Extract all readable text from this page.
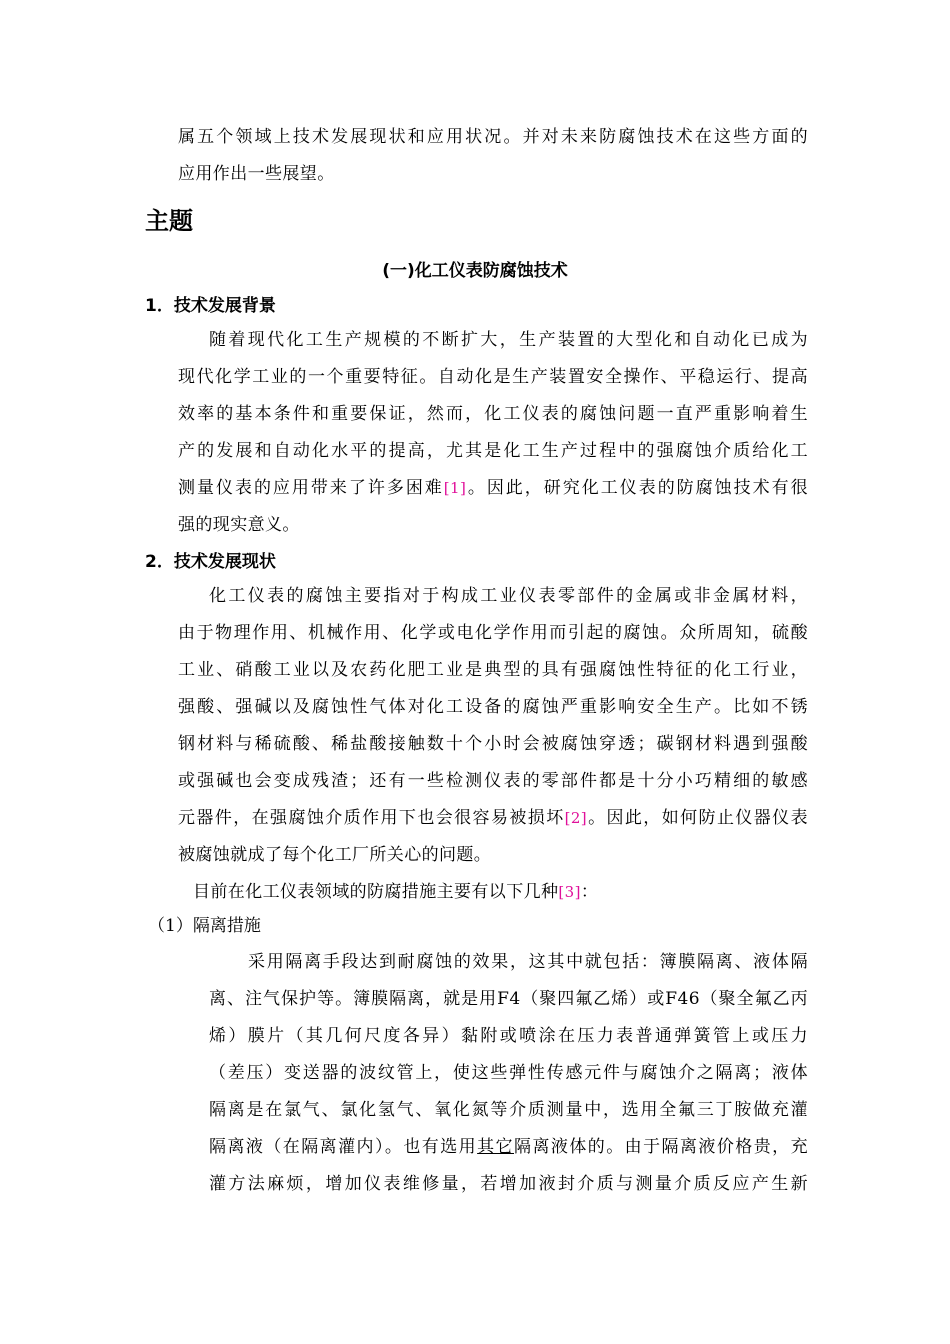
属五个领域上技术发展现状和应用状况。并对未来防腐蚀技术在这些方面的
应用作出一些展望。
主题
(一)化工仪表防腐蚀技术
1．技术发展背景
随着现代化工生产规模的不断扩大，生产装置的大型化和自动化已成为
现代化学工业的一个重要特征。自动化是生产装置安全操作、平稳运行、提高
效率的基本条件和重要保证，然而，化工仪表的腐蚀问题一直严重影响着生
产的发展和自动化水平的提高，尤其是化工生产过程中的强腐蚀介质给化工
测量仪表的应用带来了许多困难[1]。因此，研究化工仪表的防腐蚀技术有很
强的现实意义。
2．技术发展现状
化工仪表的腐蚀主要指对于构成工业仪表零部件的金属或非金属材料，
由于物理作用、机械作用、化学或电化学作用而引起的腐蚀。众所周知，硫酸
工业、硝酸工业以及农药化肥工业是典型的具有强腐蚀性特征的化工行业，
强酸、强碱以及腐蚀性气体对化工设备的腐蚀严重影响安全生产。比如不锈
钢材料与稀硫酸、稀盐酸接触数十个小时会被腐蚀穿透；碳钢材料遇到强酸
或强碱也会变成残渣；还有一些检测仪表的零部件都是十分小巧精细的敏感
元器件，在强腐蚀介质作用下也会很容易被损坏[2]。因此，如何防止仪器仪表
被腐蚀就成了每个化工厂所关心的问题。
目前在化工仪表领域的防腐措施主要有以下几种[3]：
（1）隔离措施
采用隔离手段达到耐腐蚀的效果，这其中就包括：簿膜隔离、液体隔
离、注气保护等。簿膜隔离，就是用F4（聚四氟乙烯）或F46（聚全氟乙丙
烯）膜片（其几何尺度各异）黏附或喷涂在压力表普通弹簧管上或压力
（差压）变送器的波纹管上，使这些弹性传感元件与腐蚀介之隔离；液体
隔离是在氯气、氯化氢气、氧化氮等介质测量中，选用全氟三丁胺做充灌
隔离液（在隔离灌内）。也有选用其它隔离液体的。由于隔离液价格贵，充
灌方法麻烦，增加仪表维修量，若增加液封介质与测量介质反应产生新
